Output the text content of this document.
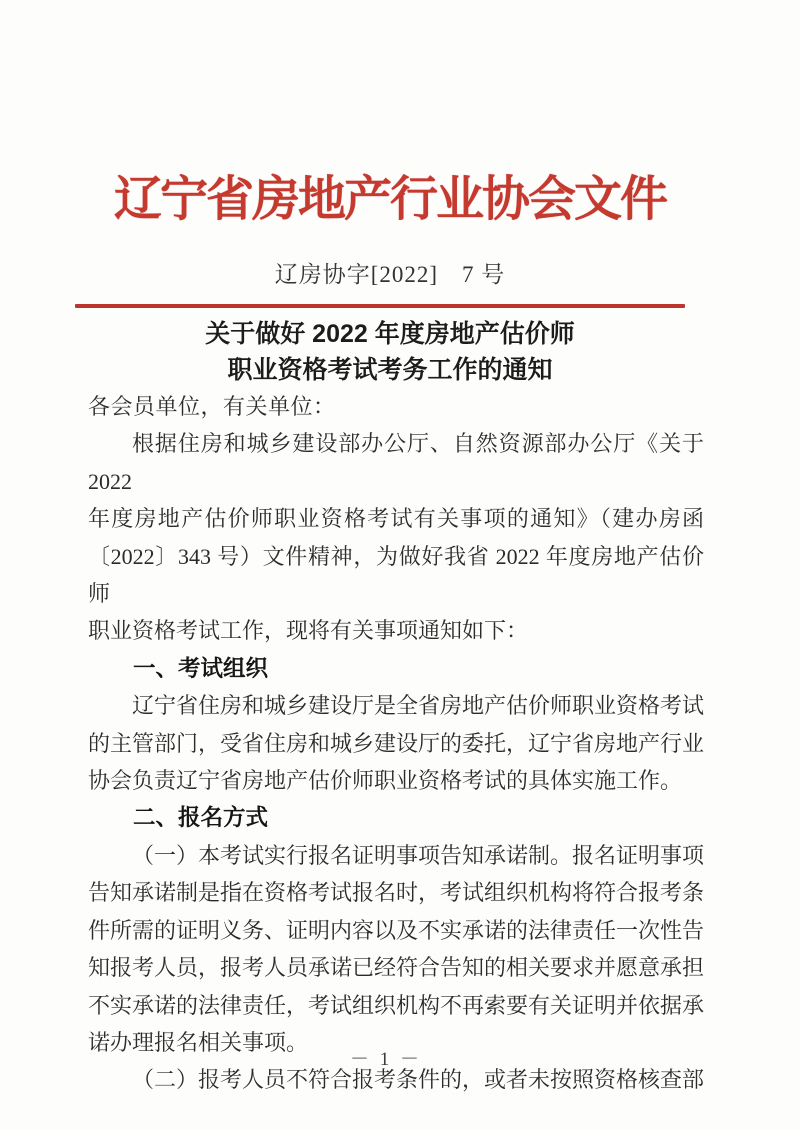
辽宁省房地产行业协会文件
辽房协字[2022]　7 号
关于做好 2022 年度房地产估价师
职业资格考试考务工作的通知
各会员单位，有关单位：
根据住房和城乡建设部办公厅、自然资源部办公厅《关于 2022
年度房地产估价师职业资格考试有关事项的通知》（建办房函
〔2022〕343 号）文件精神，为做好我省 2022 年度房地产估价师
职业资格考试工作，现将有关事项通知如下：
一、考试组织
辽宁省住房和城乡建设厅是全省房地产估价师职业资格考试
的主管部门，受省住房和城乡建设厅的委托，辽宁省房地产行业
协会负责辽宁省房地产估价师职业资格考试的具体实施工作。
二、报名方式
（一）本考试实行报名证明事项告知承诺制。报名证明事项
告知承诺制是指在资格考试报名时，考试组织机构将符合报考条
件所需的证明义务、证明内容以及不实承诺的法律责任一次性告
知报考人员，报考人员承诺已经符合告知的相关要求并愿意承担
不实承诺的法律责任，考试组织机构不再索要有关证明并依据承
诺办理报名相关事项。
（二）报考人员不符合报考条件的，或者未按照资格核查部
－ 1 －
